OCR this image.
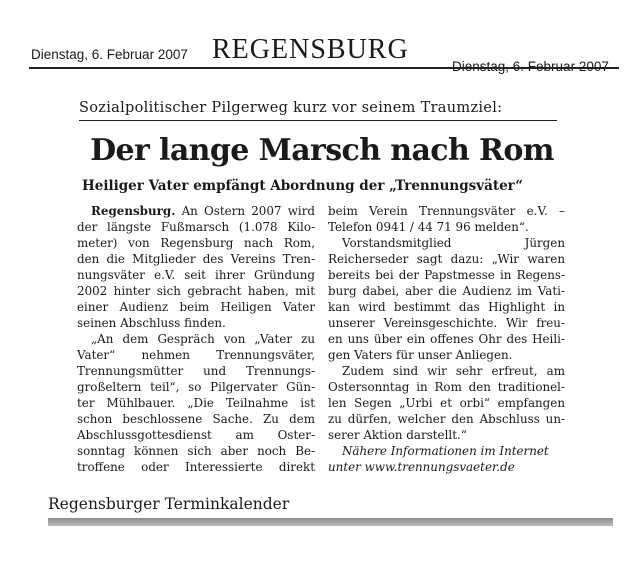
Dienstag, 6. Februar 2007 REGENSBURG
Sozialpolitischer Pilgerweg kurz vor seinem Traumziel:
Der lange Marsch nach Rom
Heiliger Vater empfängt Abordnung der „Trennungsväter“
Regensburg. An Ostern 2007 wird
der längste Fußmarsch (1.078 Kilo-
meter) von Regensburg nach Rom,
den die Mitglieder des Vereins Tren-
nungsväter e.V. seit ihrer Gründung
2002 hinter sich gebracht haben, mit
einer Audienz beim Heiligen Vater
seinen Abschluss finden.
„An dem Gespräch von „Vater zu
Vater“ nehmen Trennungsväter,
Trennungsmütter und Trennungs-
großeltern teil“, so Pilgervater Gün-
ter Mühlbauer. „Die Teilnahme ist
schon beschlossene Sache. Zu dem
Abschlussgottesdienst am Oster-
sonntag können sich aber noch Be-
troffene oder Interessierte direkt
beim Verein Trennungsväter e.V. –
Telefon 0941 / 44 71 96 melden“.
Vorstandsmitglied Jürgen
Reicherseder sagt dazu: „Wir waren
bereits bei der Papstmesse in Regens-
burg dabei, aber die Audienz im Vati-
kan wird bestimmt das Highlight in
unserer Vereinsgeschichte. Wir freu-
en uns über ein offenes Ohr des Heili-
gen Vaters für unser Anliegen.
Zudem sind wir sehr erfreut, am
Ostersonntag in Rom den traditionel-
len Segen „Urbi et orbi“ empfangen
zu dürfen, welcher den Abschluss un-
serer Aktion darstellt.“
Nähere Informationen im Internet
unter www.trennungsvaeter.de
Regensburger Terminkalender
